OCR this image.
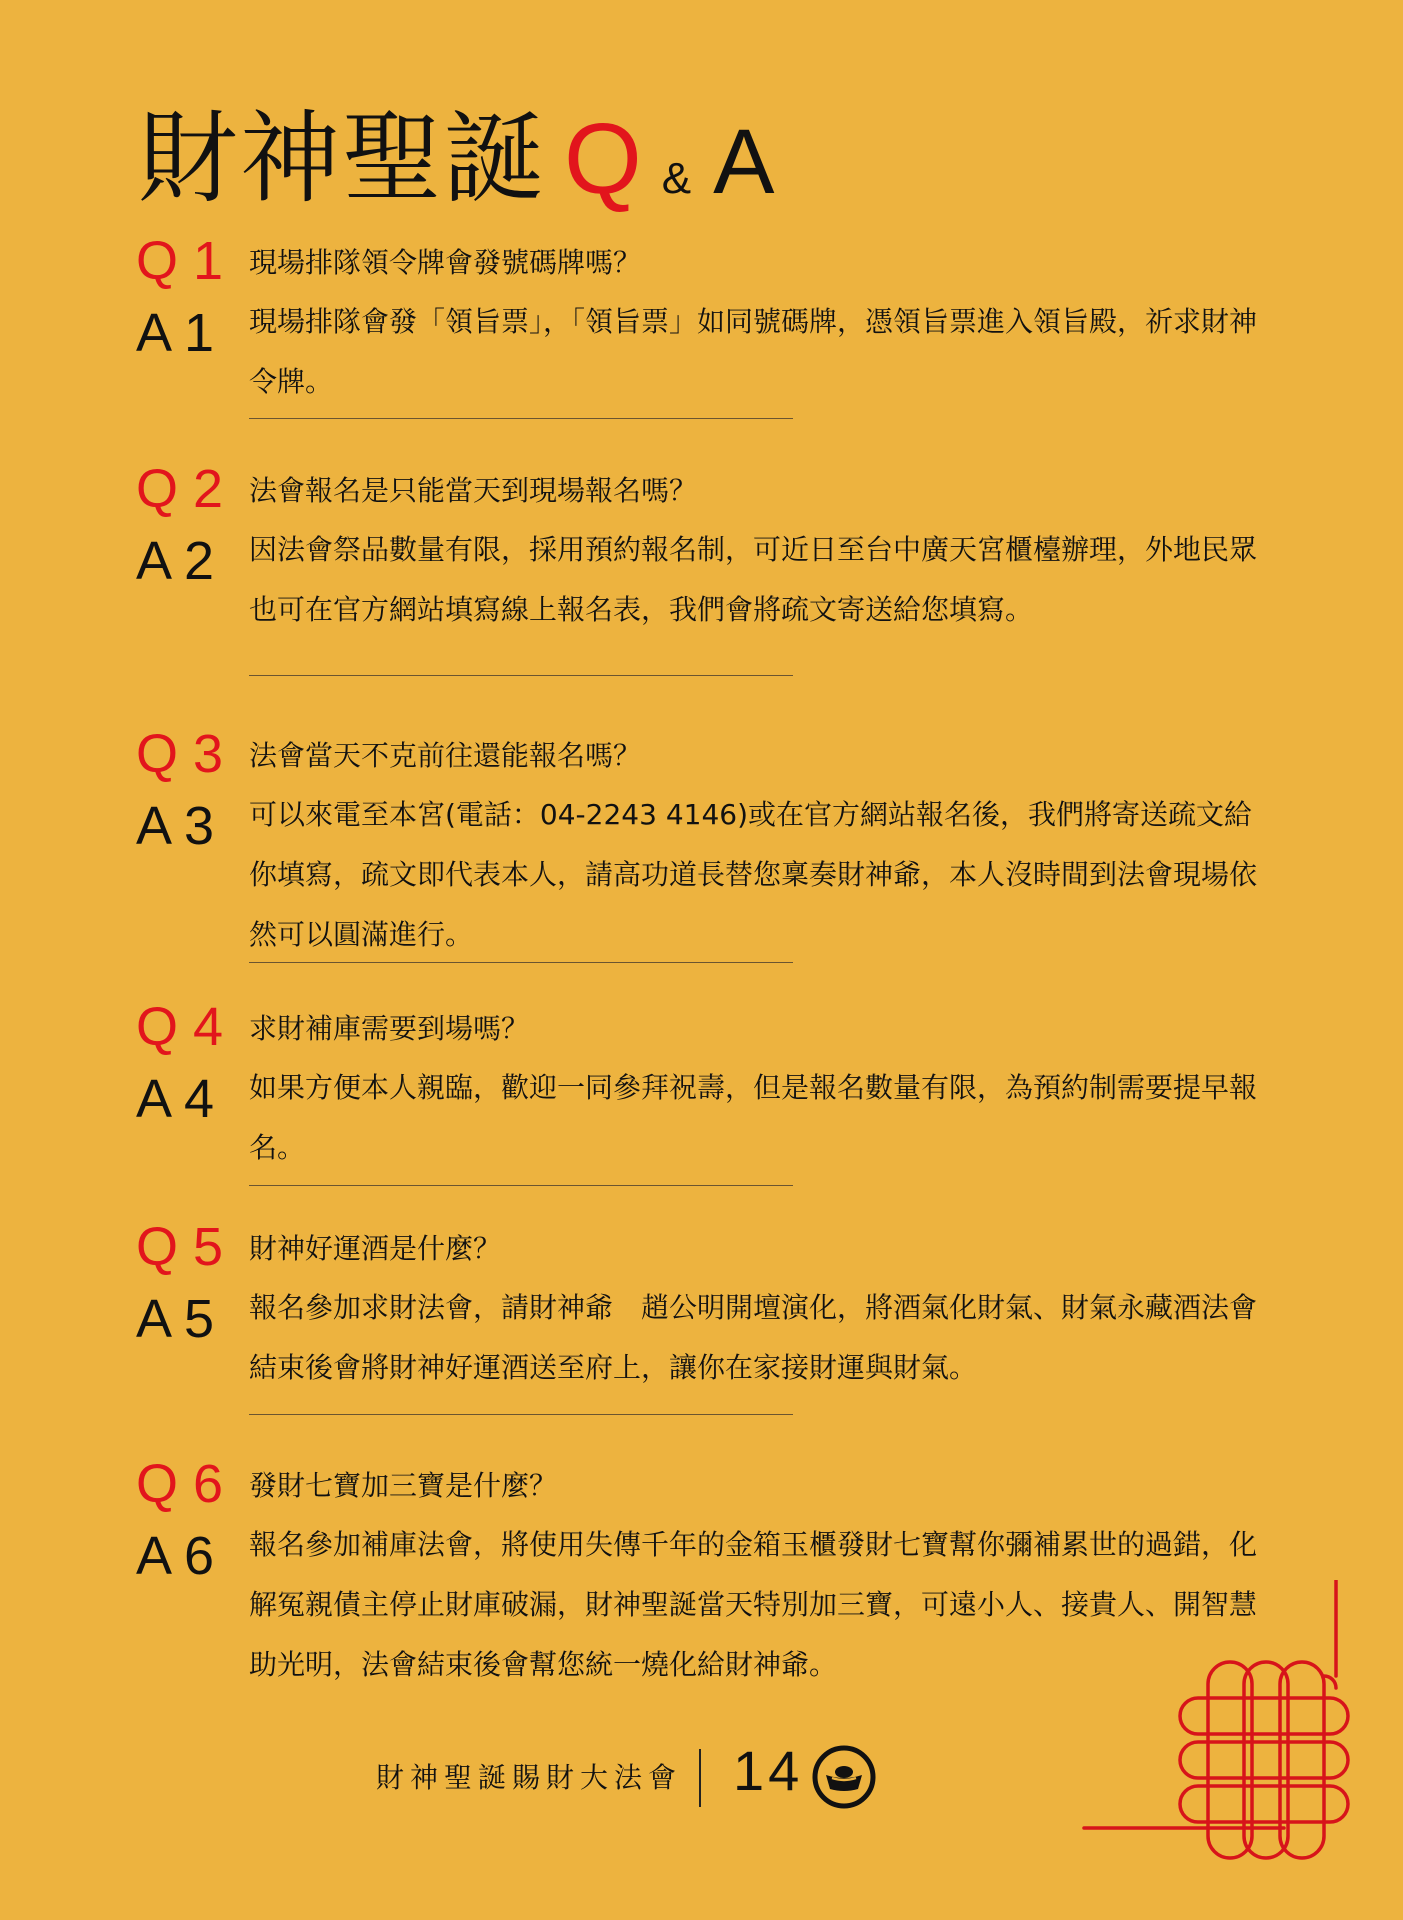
財神聖誕 Q & A
Q 1
A 1
現場排隊領令牌會發號碼牌嗎？

現場排隊會發「領旨票」，「領旨票」如同號碼牌，憑領旨票進入領旨殿，祈求財神令牌。

Q 2
A 2
法會報名是只能當天到現場報名嗎？

因法會祭品數量有限，採用預約報名制，可近日至台中廣天宮櫃檯辦理，外地民眾也可在官方網站填寫線上報名表，我們會將疏文寄送給您填寫。

Q 3
A 3
法會當天不克前往還能報名嗎？

可以來電至本宮(電話：04-2243 4146)或在官方網站報名後，我們將寄送疏文給你填寫，疏文即代表本人，請高功道長替您稟奏財神爺，本人沒時間到法會現場依然可以圓滿進行。

Q 4
A 4
求財補庫需要到場嗎？

如果方便本人親臨，歡迎一同參拜祝壽，但是報名數量有限，為預約制需要提早報名。

Q 5
A 5
財神好運酒是什麼？

報名參加求財法會，請財神爺　趙公明開壇演化，將酒氣化財氣、財氣永藏酒法會結束後會將財神好運酒送至府上，讓你在家接財運與財氣。

Q 6
A 6
發財七寶加三寶是什麼？

報名參加補庫法會，將使用失傳千年的金箱玉櫃發財七寶幫你彌補累世的過錯，化解冤親債主停止財庫破漏，財神聖誕當天特別加三寶，可遠小人、接貴人、開智慧助光明，法會結束後會幫您統一燒化給財神爺。

財神聖誕賜財大法會 14
